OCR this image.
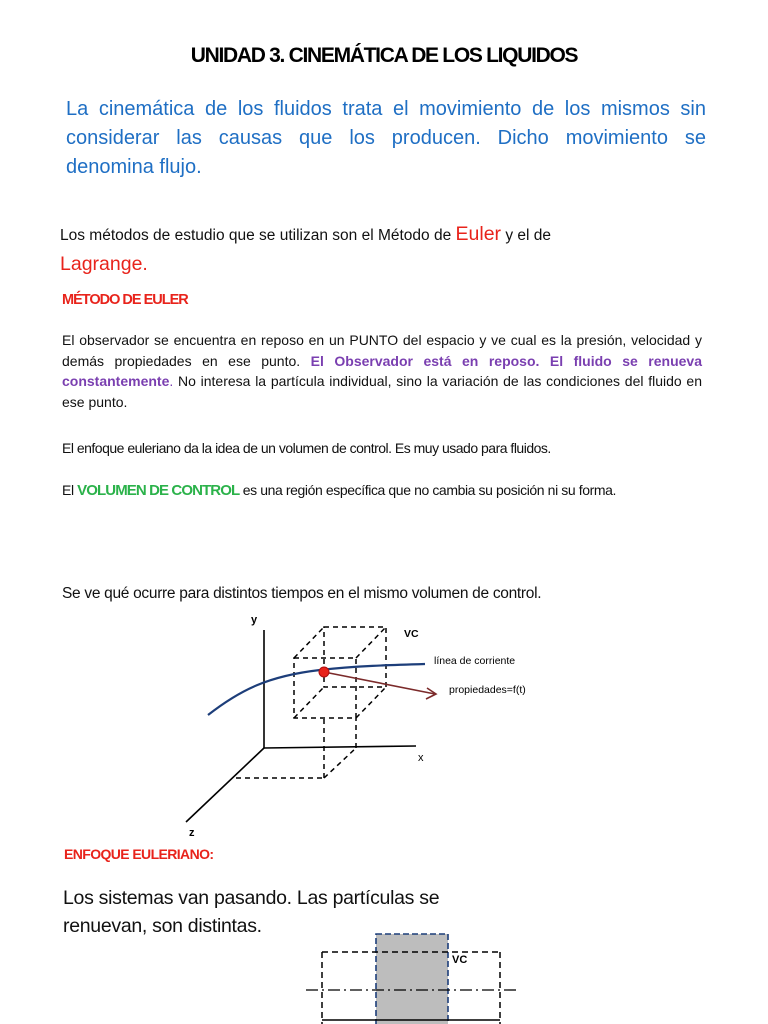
UNIDAD 3. CINEMÁTICA DE LOS LIQUIDOS
La cinemática de los fluidos trata el movimiento de los mismos sin considerar las causas que los producen. Dicho movimiento se denomina flujo.
Los métodos de estudio que se utilizan son el Método de Euler y el de
Lagrange.
MÉTODO DE EULER
El observador se encuentra en reposo en un PUNTO del espacio y ve cual es la presión, velocidad y demás propiedades en ese punto. El Observador está en reposo. El fluido se renueva constantemente. No interesa la partícula individual, sino la variación de las condiciones del fluido en ese punto.
El enfoque euleriano da la idea de un volumen de control. Es muy usado para fluidos.
El VOLUMEN DE CONTROL es una región específica que no cambia su posición ni su forma.
Se ve qué ocurre para distintos tiempos en el mismo volumen de control.
y
x
z
VC
línea de corriente
propiedades=f(t)
ENFOQUE EULERIANO:
Los sistemas van pasando. Las partículas se renuevan, son distintas.
VC
